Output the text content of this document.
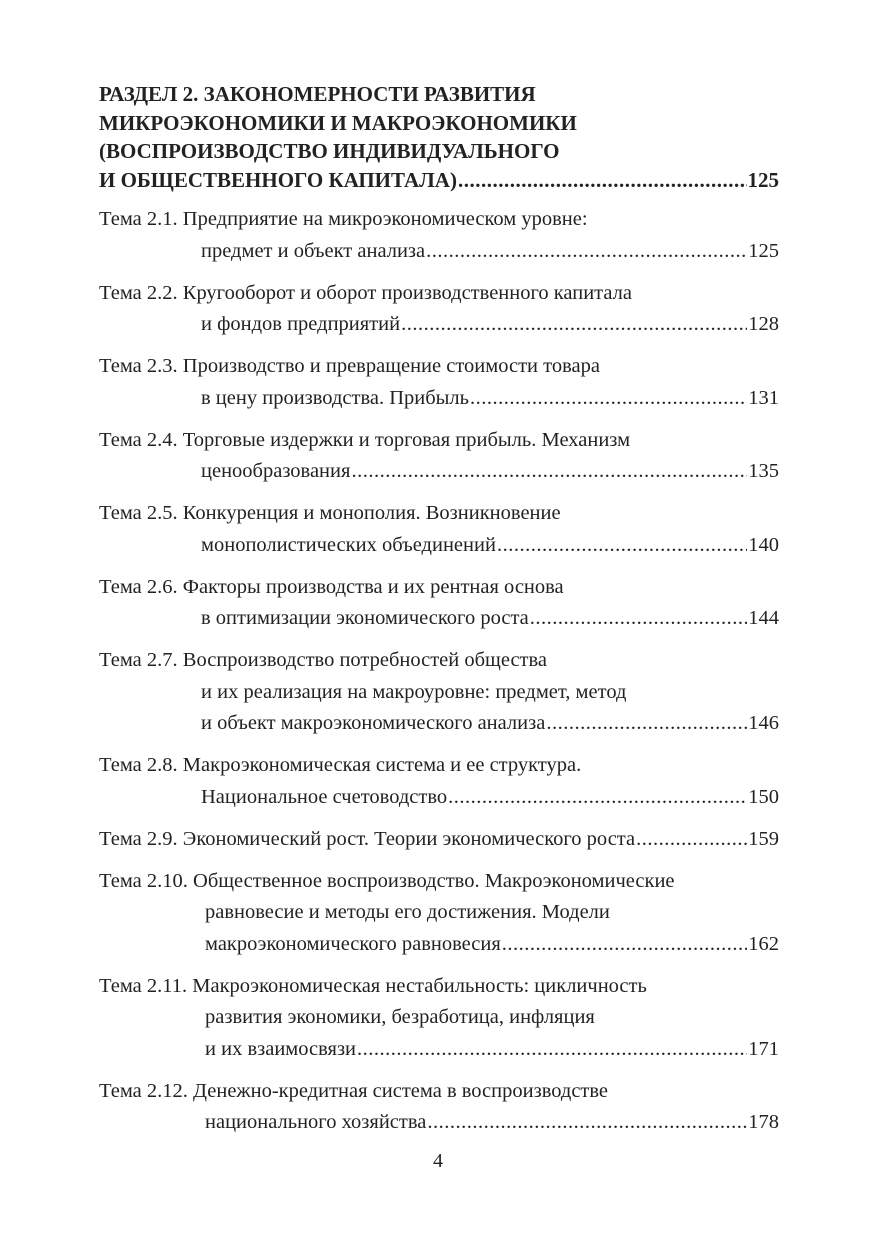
РАЗДЕЛ 2. ЗАКОНОМЕРНОСТИ РАЗВИТИЯ
МИКРОЭКОНОМИКИ И МАКРОЭКОНОМИКИ
(ВОСПРОИЗВОДСТВО ИНДИВИДУАЛЬНОГО
И ОБЩЕСТВЕННОГО КАПИТАЛА) .....	125
Тема 2.1. Предприятие на микроэкономическом уровне:
предмет и объект анализа .....	125
Тема 2.2. Кругооборот и оборот производственного капитала
и фондов предприятий .....	128
Тема 2.3. Производство и превращение стоимости товара
в цену производства. Прибыль .....	131
Тема 2.4. Торговые издержки и торговая прибыль. Механизм
ценообразования .....	135
Тема 2.5. Конкуренция и монополия. Возникновение
монополистических объединений .....	140
Тема 2.6. Факторы производства и их рентная основа
в оптимизации экономического роста .....	144
Тема 2.7. Воспроизводство потребностей общества
и их реализация на макроуровне: предмет, метод
и объект макроэкономического анализа .....	146
Тема 2.8. Макроэкономическая система и ее структура.
Национальное счетоводство .....	150
Тема 2.9. Экономический рост. Теории экономического роста .....	159
Тема 2.10. Общественное воспроизводство. Макроэкономические
равновесие и методы его достижения. Модели
макроэкономического равновесия .....	162
Тема 2.11. Макроэкономическая нестабильность: цикличность
развития экономики, безработица, инфляция
и их взаимосвязи .....	171
Тема 2.12. Денежно-кредитная система в воспроизводстве
национального хозяйства .....	178
4
